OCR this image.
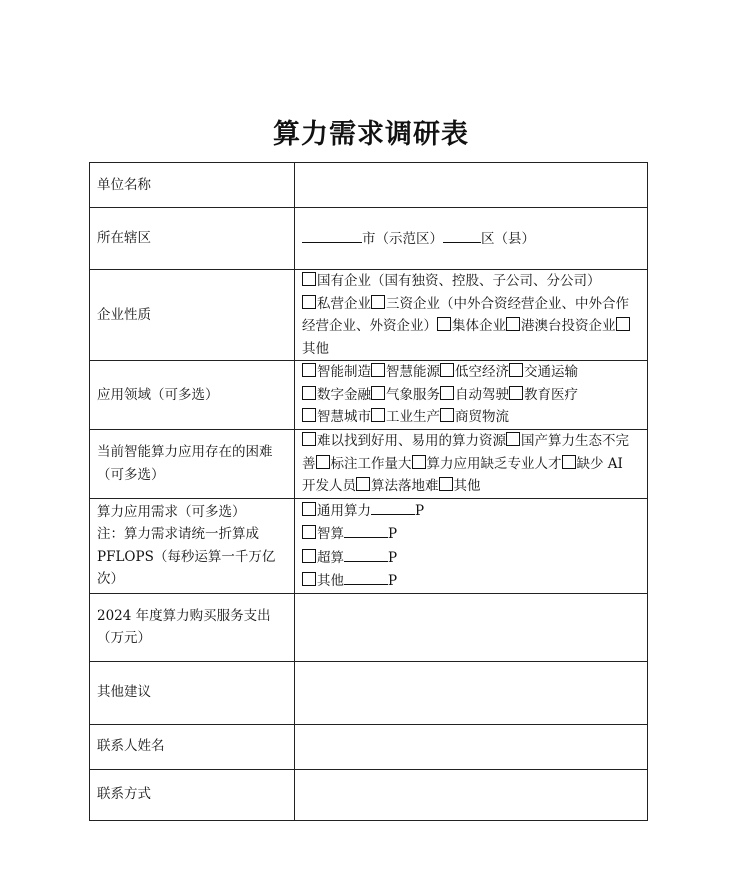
算力需求调研表
单位名称	
所在辖区	市（示范区） 区（县）
企业性质	国有企业（国有独资、控股、子公司、分公司）
私营企业 三资企业（中外合资经营企业、中外合作经营企业、外资企业） 集体企业 港澳台投资企业其他
应用领域（可多选）	智能制造 智慧能源 低空经济 交通运输
数字金融 气象服务 自动驾驶 教育医疗
智慧城市 工业生产 商贸物流
当前智能算力应用存在的困难（可多选）	难以找到好用、易用的算力资源 国产算力生态不完善 标注工作量大 算力应用缺乏专业人才 缺少 AI 开发人员 算法落地难 其他

算力应用需求（可多选）
注：算力需求请统一折算成 PFLOPS（每秒运算一千万亿次）	通用算力 P
智算 P
超算 P
其他 P

2024 年度算力购买服务支出（万元）	
其他建议	
联系人姓名	
联系方式	
